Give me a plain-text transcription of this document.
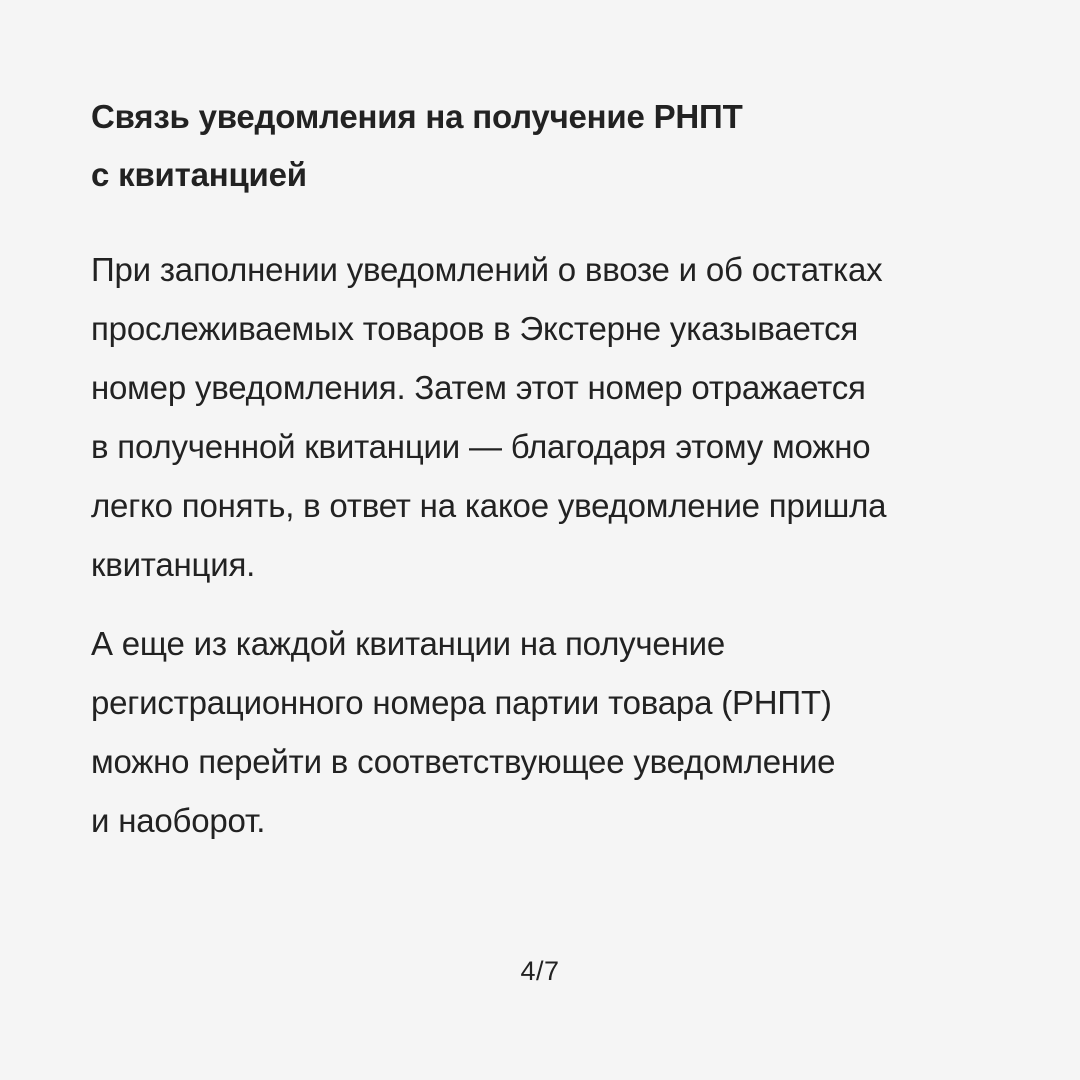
Связь уведомления на получение РНПТ
с квитанцией

При заполнении уведомлений о ввозе и об остатках
прослеживаемых товаров в Экстерне указывается
номер уведомления. Затем этот номер отражается
в полученной квитанции — благодаря этому можно
легко понять, в ответ на какое уведомление пришла
квитанция.

А еще из каждой квитанции на получение
регистрационного номера партии товара (РНПТ)
можно перейти в соответствующее уведомление
и наоборот.

4/7
